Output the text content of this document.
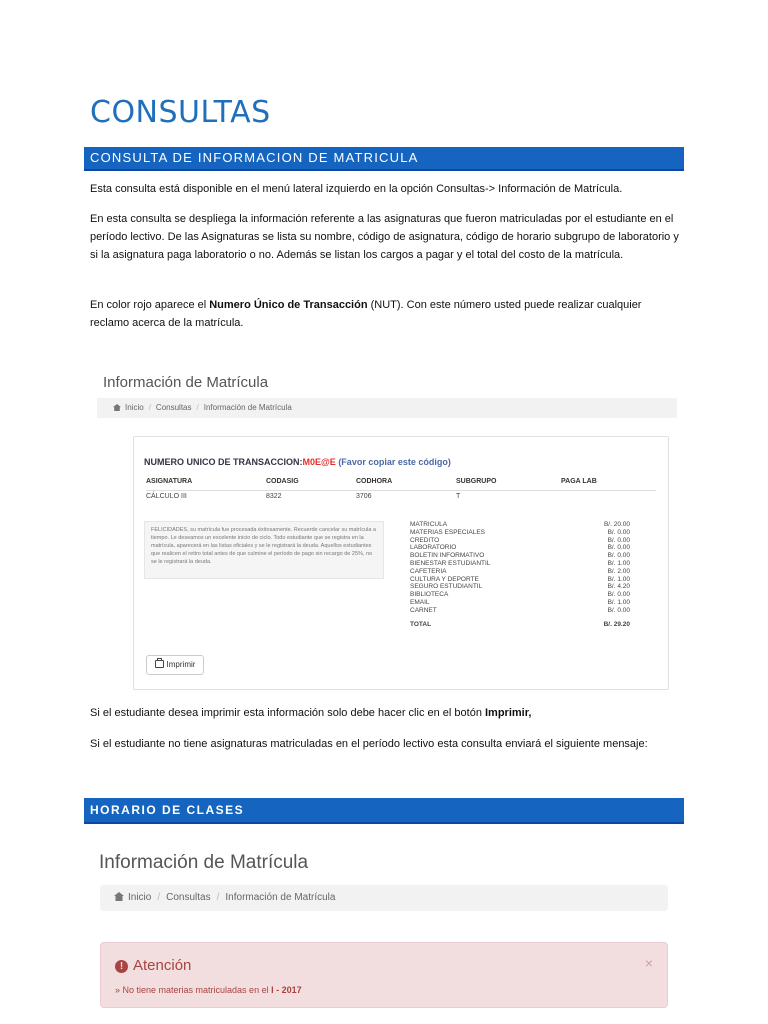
CONSULTAS
CONSULTA DE INFORMACION DE MATRICULA

Esta consulta está disponible en el menú lateral izquierdo en la opción Consultas-> Información de Matrícula.

En esta consulta se despliega la información referente a las asignaturas que fueron matriculadas por el estudiante en el período lectivo. De las Asignaturas se lista su nombre, código de asignatura, código de horario subgrupo de laboratorio y si la asignatura paga laboratorio o no. Además se listan los cargos a pagar y el total del costo de la matrícula.

En color rojo aparece el Numero Único de Transacción (NUT). Con este número usted puede realizar cualquier reclamo acerca de la matrícula.

Información de Matrícula
Inicio / Consultas / Información de Matrícula
NUMERO UNICO DE TRANSACCION:M0E@E (Favor copiar este código)
ASIGNATURA	CODASIG	CODHORA	SUBGRUPO	PAGA LAB
CÁLCULO III	8322	3706	T
FELICIDADES, su matrícula fue procesada éxitosamente. Recuerde cancelar su matrícula a tiempo. Le deseamos un excelente inicio de ciclo. Todo estudiante que se registra en la matrícula, aparecerá en las listas oficiales y se le registrará la deuda. Aquellos estudiantes que realicen el retiro total antes de que culmine el período de pago sin recargo de 25%, no se le registrará la deuda.
MATRICULA	B/. 20.00
MATERIAS ESPECIALES	B/. 0.00
CREDITO	B/. 0.00
LABORATORIO	B/. 0.00
BOLETIN INFORMATIVO	B/. 0.00
BIENESTAR ESTUDIANTIL	B/. 1.00
CAFETERIA	B/. 2.00
CULTURA Y DEPORTE	B/. 1.00
SEGURO ESTUDIANTIL	B/. 4.20
BIBLIOTECA	B/. 0.00
EMAIL	B/. 1.00
CARNET	B/. 0.00
TOTAL	B/. 29.20
Imprimir

Si el estudiante desea imprimir esta información solo debe hacer clic en el botón Imprimir,

Si el estudiante no tiene asignaturas matriculadas en el período lectivo esta consulta enviará el siguiente mensaje:

HORARIO DE CLASES
Información de Matrícula
Inicio / Consultas / Información de Matrícula
! Atención
» No tiene materias matriculadas en el I - 2017
×
